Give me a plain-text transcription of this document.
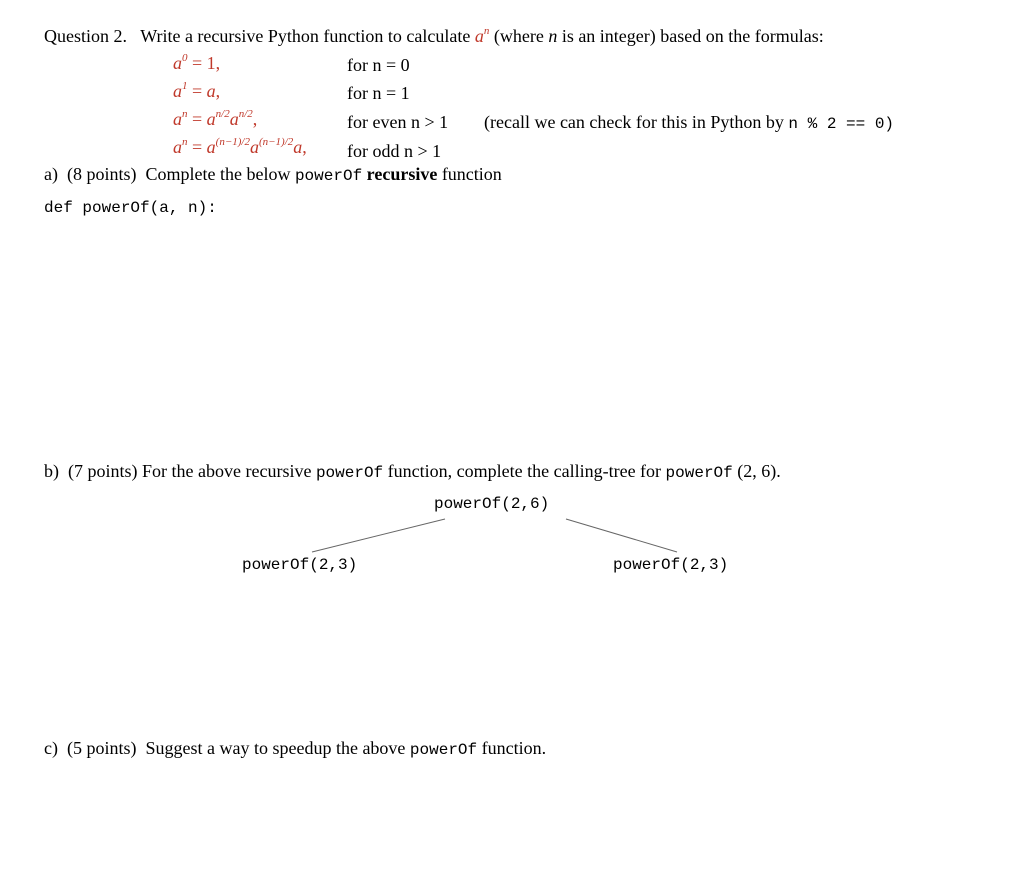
Question 2. Write a recursive Python function to calculate $a^n$ (where n is an integer) based on the formulas:
$a^0 = 1$,	for n = 0
$a^1 = a$,	for n = 1
$a^n = a^{n/2}a^{n/2}$,	for even n > 1 (recall we can check for this in Python by n % 2 == 0)
$a^n = a^{(n-1)/2}a^{(n-1)/2}a$, for odd n > 1
a) (8 points) Complete the below powerOf recursive function
def powerOf(a, n):
b) (7 points) For the above recursive powerOf function, complete the calling-tree for powerOf (2, 6).
powerOf(2,6)
powerOf(2,3)	powerOf(2,3)
c) (5 points) Suggest a way to speedup the above powerOf function.
